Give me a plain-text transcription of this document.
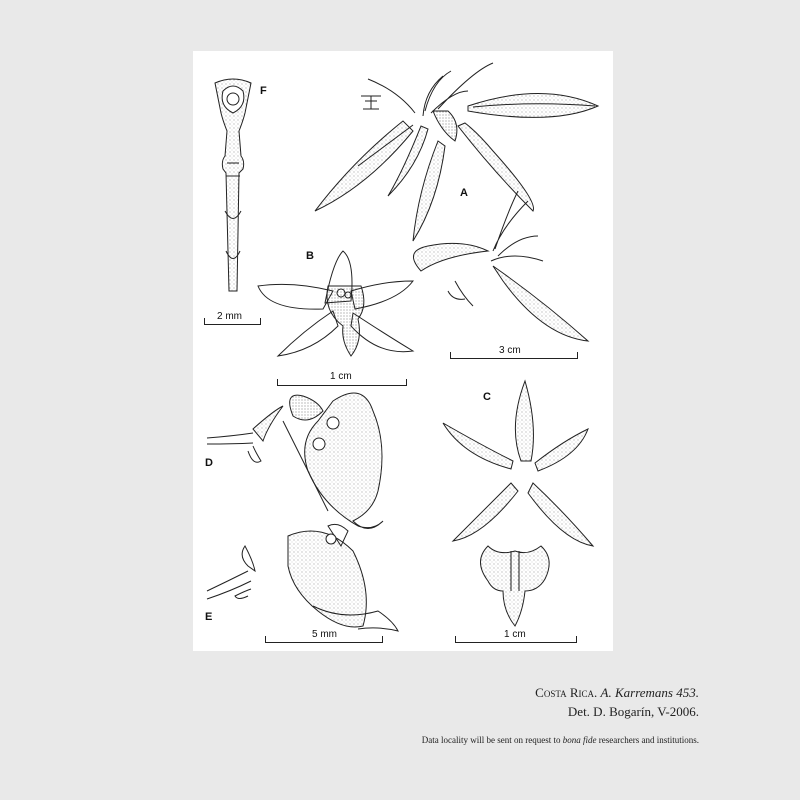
F
A
B
C
D
E
2 mm
3 cm
1 cm
5 mm	1 cm
Costa Rica. A. Karremans 453.
Det. D. Bogarín, V-2006.
Data locality will be sent on request to bona fide researchers and institutions.
